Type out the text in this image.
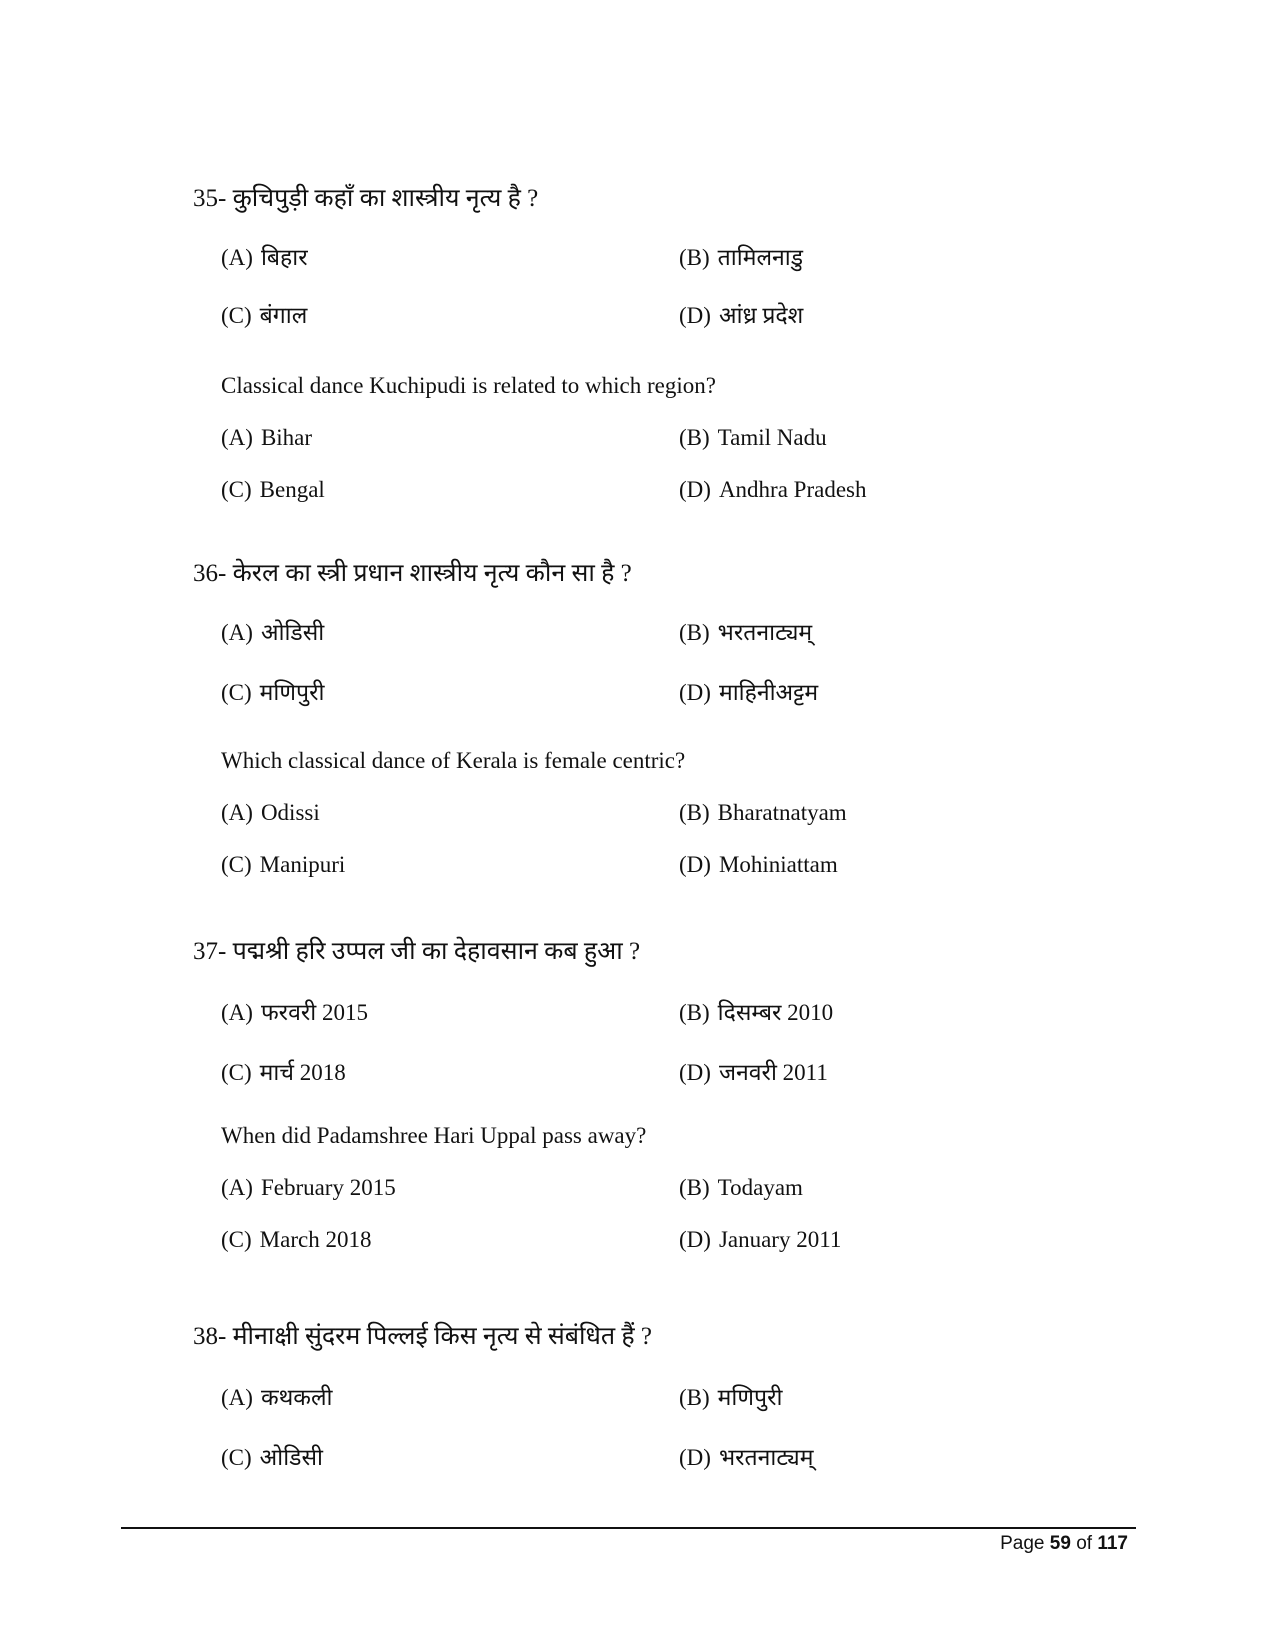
35- कुचिपुड़ी कहाँ का शास्त्रीय नृत्य है ?
(A) बिहार	(B) तामिलनाडु
(C) बंगाल	(D) आंध्र प्रदेश
Classical dance Kuchipudi is related to which region?
(A) Bihar	(B) Tamil Nadu
(C) Bengal	(D) Andhra Pradesh
36- केरल का स्त्री प्रधान शास्त्रीय नृत्य कौन सा है ?
(A) ओडिसी	(B) भरतनाट्यम्
(C) मणिपुरी	(D) माहिनीअट्टम
Which classical dance of Kerala is female centric?
(A) Odissi	(B) Bharatnatyam
(C) Manipuri	(D) Mohiniattam
37- पद्मश्री हरि उप्पल जी का देहावसान कब हुआ ?
(A) फरवरी 2015	(B) दिसम्बर 2010
(C) मार्च 2018	(D) जनवरी 2011
When did Padamshree Hari Uppal pass away?
(A) February 2015	(B) Todayam
(C) March 2018	(D) January 2011
38- मीनाक्षी सुंदरम पिल्लई किस नृत्य से संबंधित हैं ?
(A) कथकली	(B) मणिपुरी
(C) ओडिसी	(D) भरतनाट्यम्
Page 59 of 117
